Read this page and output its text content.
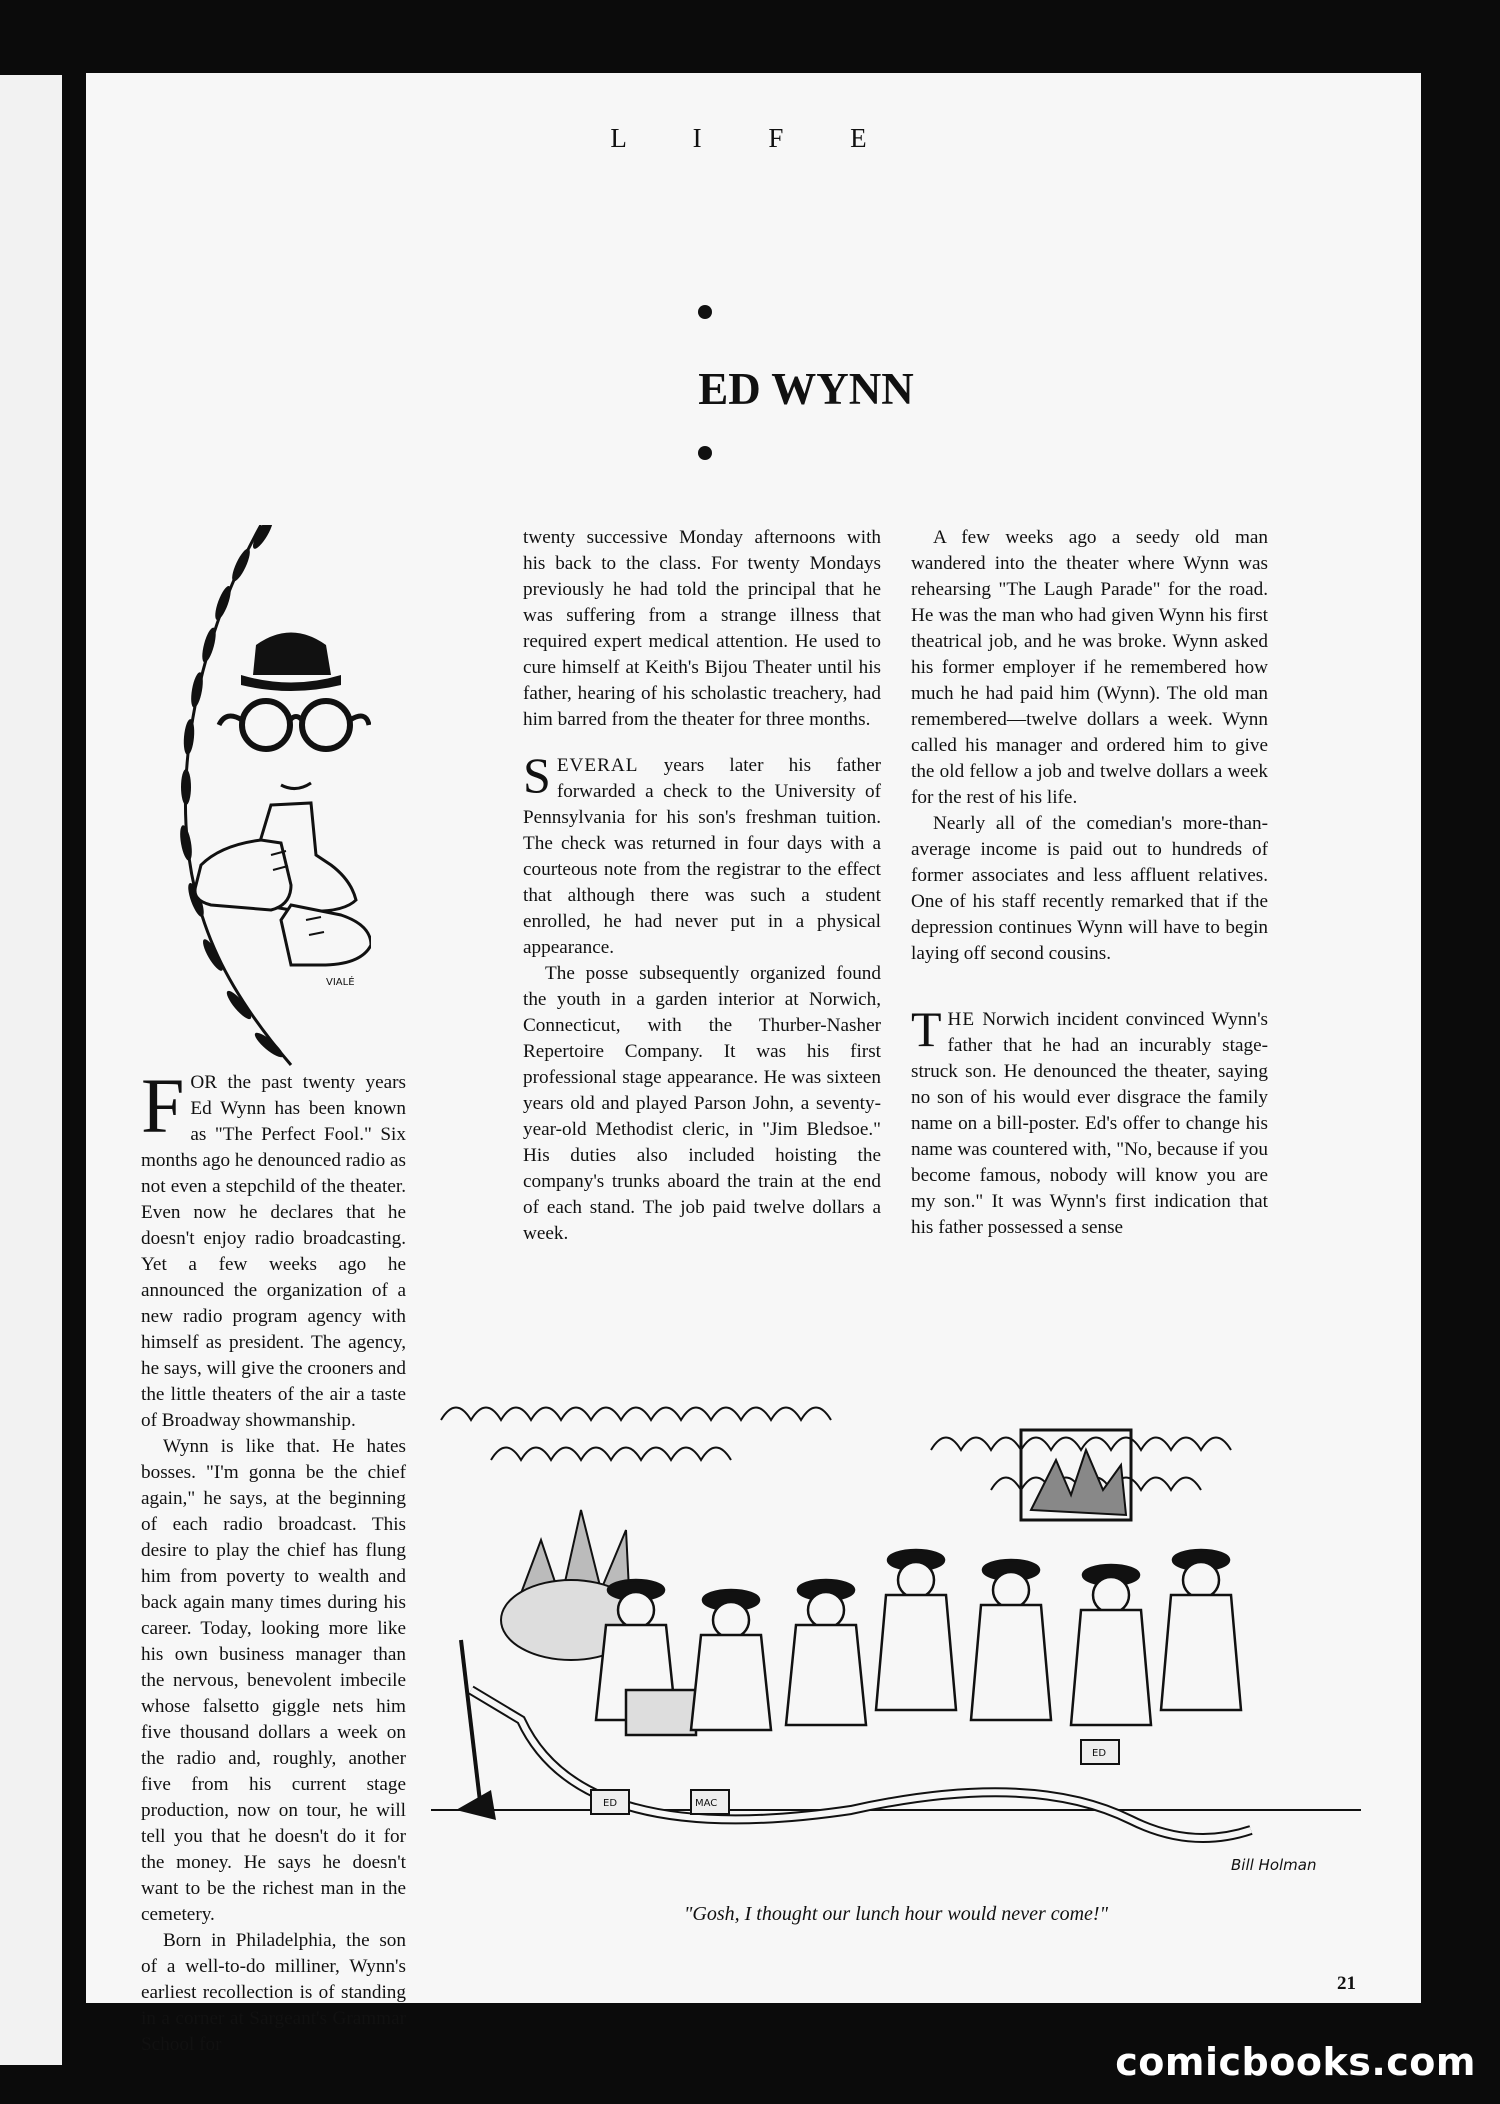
L I F E
ED WYNN
VIALÉ

FOR the past twenty years Ed Wynn has been known as "The Perfect Fool." Six months ago he denounced radio as not even a stepchild of the theater. Even now he declares that he doesn't enjoy radio broadcasting. Yet a few weeks ago he announced the organization of a new radio program agency with himself as president. The agency, he says, will give the crooners and the little theaters of the air a taste of Broadway showmanship.

Wynn is like that. He hates bosses. "I'm gonna be the chief again," he says, at the beginning of each radio broadcast. This desire to play the chief has flung him from poverty to wealth and back again many times during his career. Today, looking more like his own business manager than the nervous, benevolent imbecile whose falsetto giggle nets him five thousand dollars a week on the radio and, roughly, another five from his current stage production, now on tour, he will tell you that he doesn't do it for the money. He says he doesn't want to be the richest man in the cemetery.

Born in Philadelphia, the son of a well-to-do milliner, Wynn's earliest recollection is of standing in a corner at Sargeant's Grammar School for

twenty successive Monday afternoons with his back to the class. For twenty Mondays previously he had told the principal that he was suffering from a strange illness that required expert medical attention. He used to cure himself at Keith's Bijou Theater until his father, hearing of his scholastic treachery, had him barred from the theater for three months.

SEVERAL years later his father forwarded a check to the University of Pennsylvania for his son's freshman tuition. The check was returned in four days with a courteous note from the registrar to the effect that although there was such a student enrolled, he had never put in a physical appearance.

The posse subsequently organized found the youth in a garden interior at Norwich, Connecticut, with the Thurber-Nasher Repertoire Company. It was his first professional stage appearance. He was sixteen years old and played Parson John, a seventy-year-old Methodist cleric, in "Jim Bledsoe." His duties also included hoisting the company's trunks aboard the train at the end of each stand. The job paid twelve dollars a week.

A few weeks ago a seedy old man wandered into the theater where Wynn was rehearsing "The Laugh Parade" for the road. He was the man who had given Wynn his first theatrical job, and he was broke. Wynn asked his former employer if he remembered how much he had paid him (Wynn). The old man remembered—twelve dollars a week. Wynn called his manager and ordered him to give the old fellow a job and twelve dollars a week for the rest of his life.

Nearly all of the comedian's more-than-average income is paid out to hundreds of former associates and less affluent relatives. One of his staff recently remarked that if the depression continues Wynn will have to begin laying off second cousins.

THE Norwich incident convinced Wynn's father that he had an incurably stage-struck son. He denounced the theater, saying no son of his would ever disgrace the family name on a bill-poster. Ed's offer to change his name was countered with, "No, because if you become famous, nobody will know you are my son." It was Wynn's first indication that his father possessed a sense

ED	MAC
ED
Bill Holman
"Gosh, I thought our lunch hour would never come!"
21
comicbooks.com
